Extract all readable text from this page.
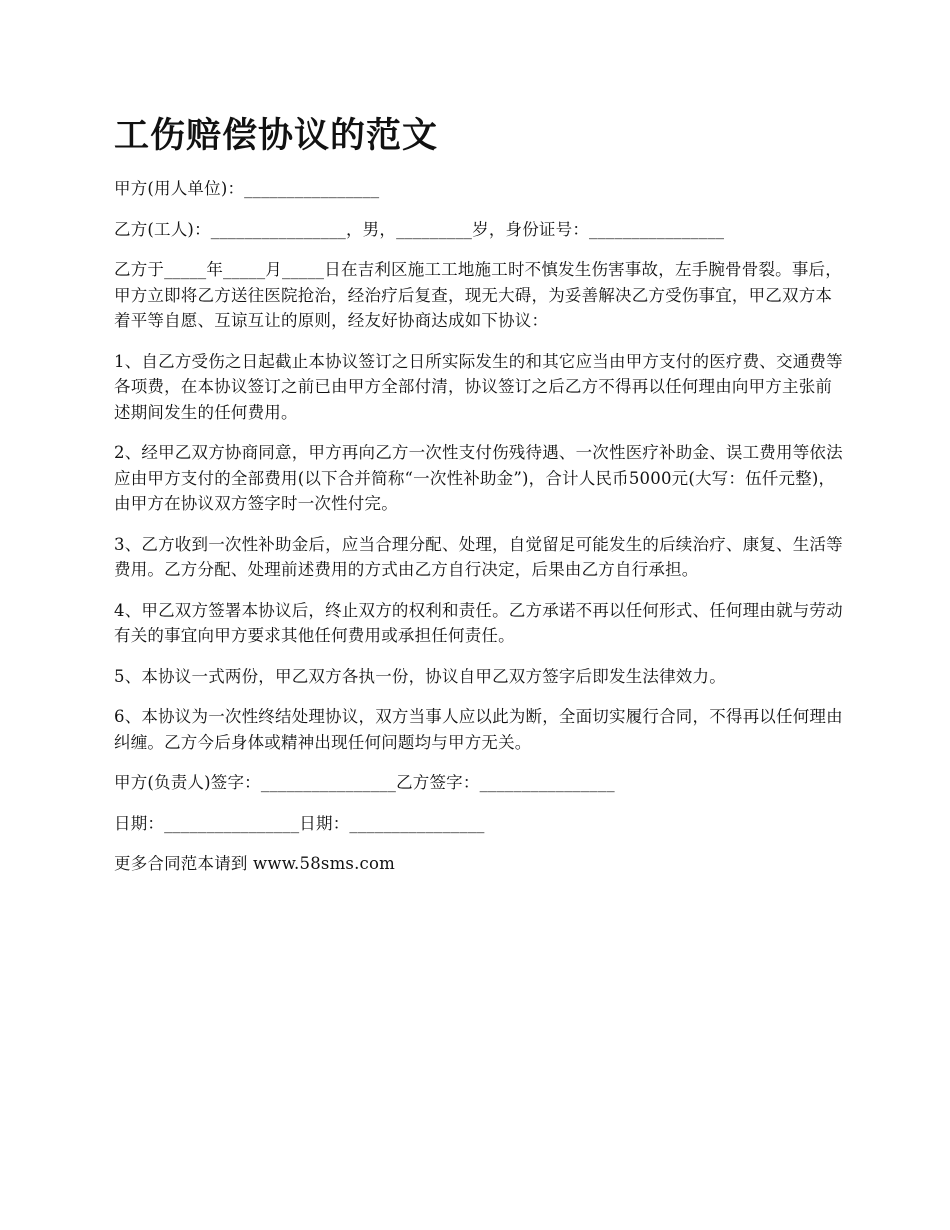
工伤赔偿协议的范文

甲方(用人单位)：________________

乙方(工人)：________________，男，_________岁，身份证号：________________

乙方于_____年_____月_____日在吉利区施工工地施工时不慎发生伤害事故，左手腕骨骨裂。事后，甲方立即将乙方送往医院抢治，经治疗后复查，现无大碍，为妥善解决乙方受伤事宜，甲乙双方本着平等自愿、互谅互让的原则，经友好协商达成如下协议：

1、自乙方受伤之日起截止本协议签订之日所实际发生的和其它应当由甲方支付的医疗费、交通费等各项费，在本协议签订之前已由甲方全部付清，协议签订之后乙方不得再以任何理由向甲方主张前述期间发生的任何费用。

2、经甲乙双方协商同意，甲方再向乙方一次性支付伤残待遇、一次性医疗补助金、误工费用等依法应由甲方支付的全部费用(以下合并简称“一次性补助金”)，合计人民币5000元(大写：伍仟元整)，由甲方在协议双方签字时一次性付完。

3、乙方收到一次性补助金后，应当合理分配、处理，自觉留足可能发生的后续治疗、康复、生活等费用。乙方分配、处理前述费用的方式由乙方自行决定，后果由乙方自行承担。

4、甲乙双方签署本协议后，终止双方的权利和责任。乙方承诺不再以任何形式、任何理由就与劳动有关的事宜向甲方要求其他任何费用或承担任何责任。

5、本协议一式两份，甲乙双方各执一份，协议自甲乙双方签字后即发生法律效力。

6、本协议为一次性终结处理协议，双方当事人应以此为断，全面切实履行合同，不得再以任何理由纠缠。乙方今后身体或精神出现任何问题均与甲方无关。

甲方(负责人)签字：________________乙方签字：________________

日期：________________日期：________________

更多合同范本请到 www.58sms.com
